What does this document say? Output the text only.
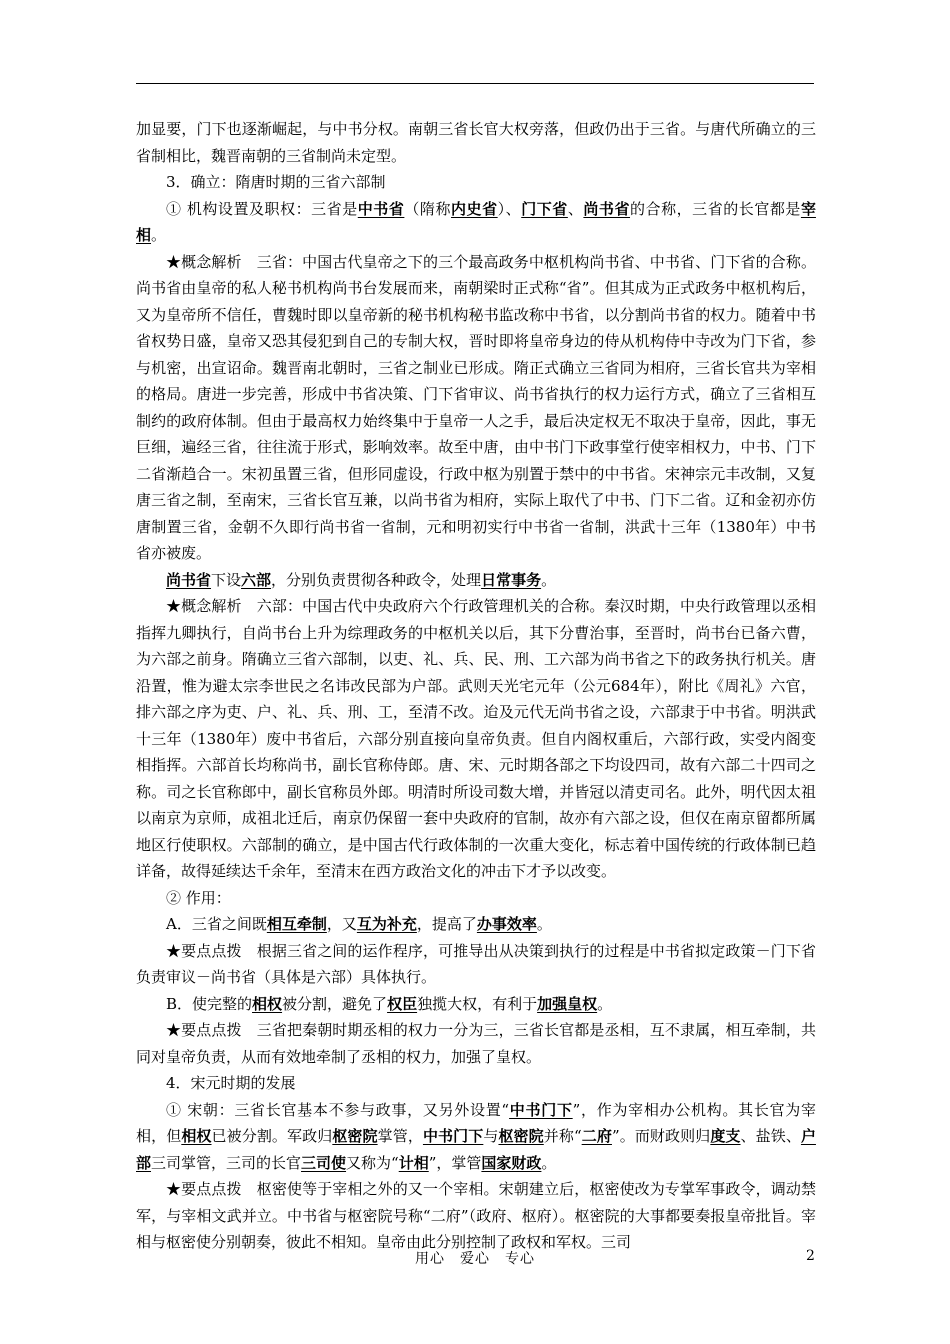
加显要，门下也逐渐崛起，与中书分权。南朝三省长官大权旁落，但政仍出于三省。与唐代所确立的三省制相比，魏晋南朝的三省制尚未定型。

3．确立：隋唐时期的三省六部制

① 机构设置及职权：三省是中书省（隋称内史省）、门下省、尚书省的合称，三省的长官都是宰相。

★概念解析　三省：中国古代皇帝之下的三个最高政务中枢机构尚书省、中书省、门下省的合称。尚书省由皇帝的私人秘书机构尚书台发展而来，南朝梁时正式称“省”。但其成为正式政务中枢机构后，又为皇帝所不信任，曹魏时即以皇帝新的秘书机构秘书监改称中书省，以分割尚书省的权力。随着中书省权势日盛，皇帝又恐其侵犯到自己的专制大权，晋时即将皇帝身边的侍从机构侍中寺改为门下省，参与机密，出宣诏命。魏晋南北朝时，三省之制业已形成。隋正式确立三省同为相府，三省长官共为宰相的格局。唐进一步完善，形成中书省决策、门下省审议、尚书省执行的权力运行方式，确立了三省相互制约的政府体制。但由于最高权力始终集中于皇帝一人之手，最后决定权无不取决于皇帝，因此，事无巨细，遍经三省，往往流于形式，影响效率。故至中唐，由中书门下政事堂行使宰相权力，中书、门下二省渐趋合一。宋初虽置三省，但形同虚设，行政中枢为别置于禁中的中书省。宋神宗元丰改制，又复唐三省之制，至南宋，三省长官互兼，以尚书省为相府，实际上取代了中书、门下二省。辽和金初亦仿唐制置三省，金朝不久即行尚书省一省制，元和明初实行中书省一省制，洪武十三年（1380年）中书省亦被废。

尚书省下设六部，分别负责贯彻各种政令，处理日常事务。

★概念解析　六部：中国古代中央政府六个行政管理机关的合称。秦汉时期，中央行政管理以丞相指挥九卿执行，自尚书台上升为综理政务的中枢机关以后，其下分曹治事，至晋时，尚书台已备六曹，为六部之前身。隋确立三省六部制，以吏、礼、兵、民、刑、工六部为尚书省之下的政务执行机关。唐沿置，惟为避太宗李世民之名讳改民部为户部。武则天光宅元年（公元684年），附比《周礼》六官，排六部之序为吏、户、礼、兵、刑、工，至清不改。迨及元代无尚书省之设，六部隶于中书省。明洪武十三年（1380年）废中书省后，六部分别直接向皇帝负责。但自内阁权重后，六部行政，实受内阁变相指挥。六部首长均称尚书，副长官称侍郎。唐、宋、元时期各部之下均设四司，故有六部二十四司之称。司之长官称郎中，副长官称员外郎。明清时所设司数大增，并皆冠以清吏司名。此外，明代因太祖以南京为京师，成祖北迁后，南京仍保留一套中央政府的官制，故亦有六部之设，但仅在南京留都所属地区行使职权。六部制的确立，是中国古代行政体制的一次重大变化，标志着中国传统的行政体制已趋详备，故得延续达千余年，至清末在西方政治文化的冲击下才予以改变。

② 作用：

A．三省之间既相互牵制，又互为补充，提高了办事效率。

★要点点拨　根据三省之间的运作程序，可推导出从决策到执行的过程是中书省拟定政策－门下省负责审议－尚书省（具体是六部）具体执行。

B．使完整的相权被分割，避免了权臣独揽大权，有利于加强皇权。

★要点点拨　三省把秦朝时期丞相的权力一分为三，三省长官都是丞相，互不隶属，相互牵制，共同对皇帝负责，从而有效地牵制了丞相的权力，加强了皇权。

4．宋元时期的发展

① 宋朝：三省长官基本不参与政事，又另外设置“中书门下”，作为宰相办公机构。其长官为宰相，但相权已被分割。军政归枢密院掌管，中书门下与枢密院并称“二府”。而财政则归度支、盐铁、户部三司掌管，三司的长官三司使又称为“计相”，掌管国家财政。

★要点点拨　枢密使等于宰相之外的又一个宰相。宋朝建立后，枢密使改为专掌军事政令，调动禁军，与宰相文武并立。中书省与枢密院号称“二府”（政府、枢府）。枢密院的大事都要奏报皇帝批旨。宰相与枢密使分别朝奏，彼此不相知。皇帝由此分别控制了政权和军权。三司

用心　爱心　专心	2
